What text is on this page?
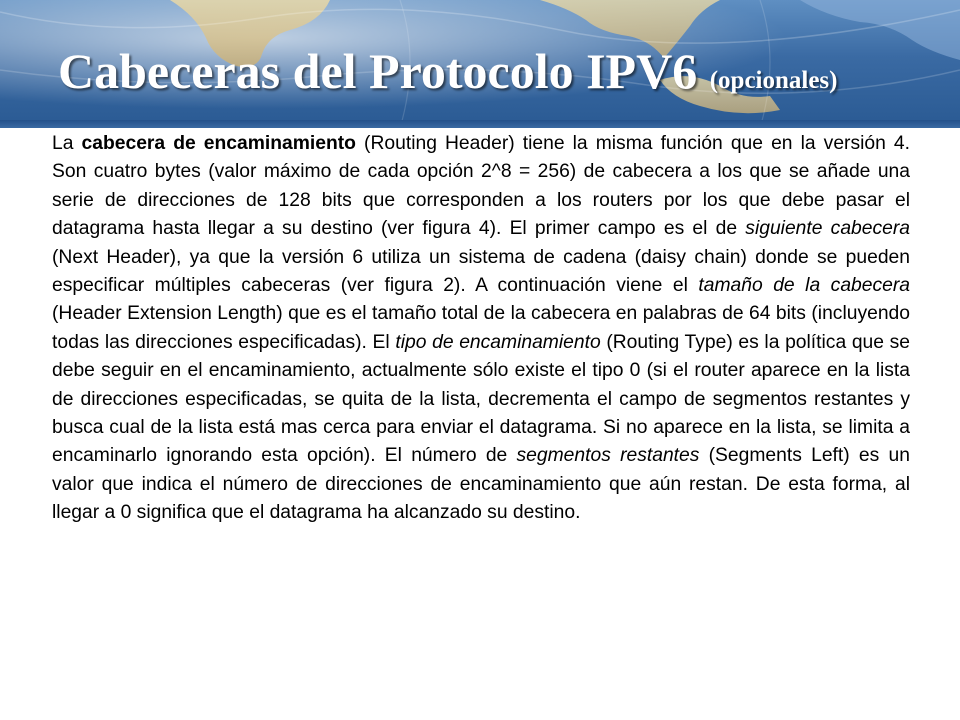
Cabeceras del Protocolo IPV6 (opcionales)

La cabecera de encaminamiento (Routing Header) tiene la misma función que en la versión 4. Son cuatro bytes (valor máximo de cada opción 2^8 = 256) de cabecera a los que se añade una serie de direcciones de 128 bits que corresponden a los routers por los que debe pasar el datagrama hasta llegar a su destino (ver figura 4). El primer campo es el de siguiente cabecera (Next Header), ya que la versión 6 utiliza un sistema de cadena (daisy chain) donde se pueden especificar múltiples cabeceras (ver figura 2). A continuación viene el tamaño de la cabecera (Header Extension Length) que es el tamaño total de la cabecera en palabras de 64 bits (incluyendo todas las direcciones especificadas). El tipo de encaminamiento (Routing Type) es la política que se debe seguir en el encaminamiento, actualmente sólo existe el tipo 0 (si el router aparece en la lista de direcciones especificadas, se quita de la lista, decrementa el campo de segmentos restantes y busca cual de la lista está mas cerca para enviar el datagrama. Si no aparece en la lista, se limita a encaminarlo ignorando esta opción). El número de segmentos restantes (Segments Left) es un valor que indica el número de direcciones de encaminamiento que aún restan. De esta forma, al llegar a 0 significa que el datagrama ha alcanzado su destino.
